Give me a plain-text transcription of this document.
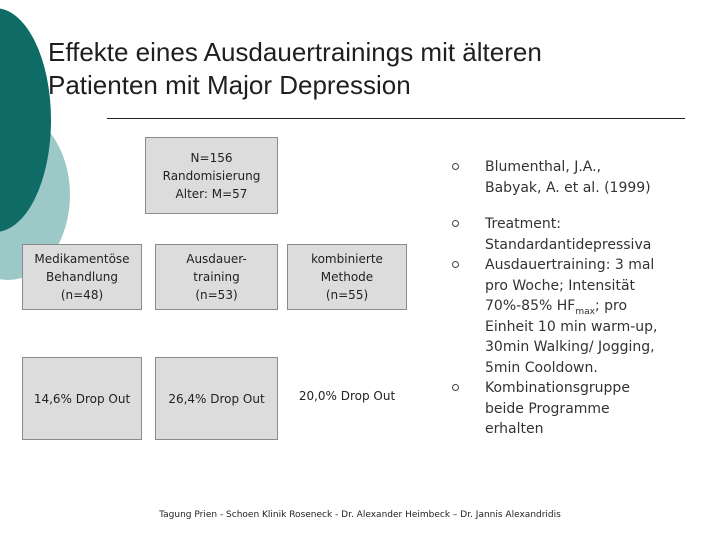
Effekte eines Ausdauertrainings mit älteren
Patienten mit Major Depression
N=156
Randomisierung
Alter: M=57
Medikamentöse
Behandlung
(n=48)
Ausdauer-
training
(n=53)
kombinierte
Methode
(n=55)
14,6% Drop Out	26,4% Drop Out	20,0% Drop Out
Blumenthal, J.A.,
Babyak, A. et al. (1999)
Treatment:
Standardantidepressiva
Ausdauertraining: 3 mal
pro Woche; Intensität
70%-85% $HF_{max}$; pro
Einheit 10 min warm-up,
30min Walking/ Jogging,
5min Cooldown.
Kombinationsgruppe
beide Programme
erhalten
Tagung Prien - Schoen Klinik Roseneck - Dr. Alexander Heimbeck – Dr. Jannis Alexandridis
